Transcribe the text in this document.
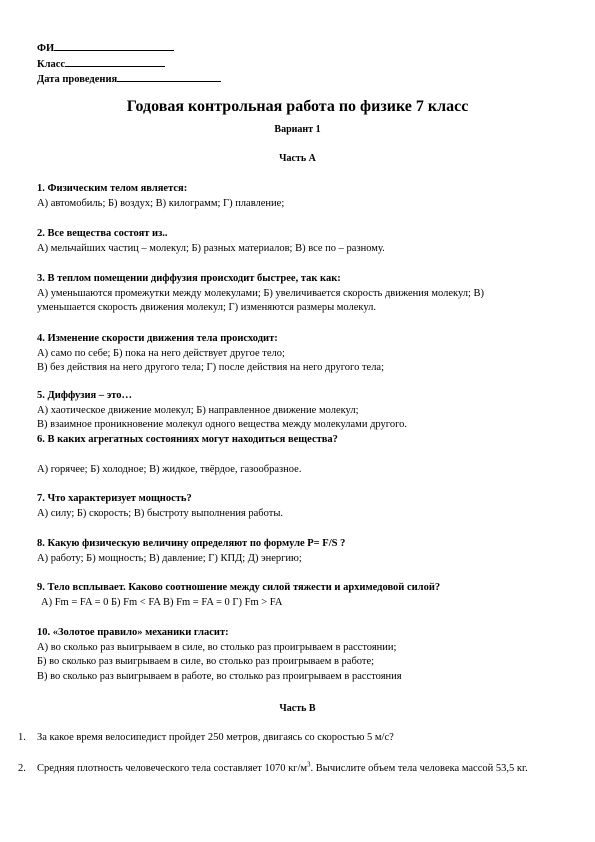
ФИ
Класс
Дата проведения
Годовая контрольная работа по физике 7 класс
Вариант 1
Часть А
1. Физическим телом является:
А) автомобиль; Б) воздух; В) килограмм; Г) плавление;
2. Все вещества состоят из..
А) мельчайших частиц – молекул; Б) разных материалов; В) все по – разному.
3. В теплом помещении диффузия происходит быстрее, так как:
А) уменьшаются промежутки между молекулами; Б) увеличивается скорость движения молекул; В)
уменьшается скорость движения молекул; Г) изменяются размеры молекул.
4. Изменение скорости движения тела происходит:
А) само по себе; Б) пока на него действует другое тело;
В) без действия на него другого тела; Г) после действия на него другого тела;
5. Диффузия – это…
А) хаотическое движение молекул; Б) направленное движение молекул;
В) взаимное проникновение молекул одного вещества между молекулами другого.
6. В каких агрегатных состояниях могут находиться вещества?
А) горячее; Б) холодное; В) жидкое, твёрдое, газообразное.
7. Что характеризует мощность?
А) силу; Б) скорость; В) быстроту выполнения работы.
8. Какую физическую величину определяют по формуле P= F/S ?
А) работу; Б) мощность; В) давление; Г) КПД; Д) энергию;
9. Тело всплывает. Каково соотношение между силой тяжести и архимедовой силой?
А) Fm = FA = 0 Б) Fm < FA В) Fm = FA = 0 Г) Fm > FA
10. «Золотое правило» механики гласит:
А) во сколько раз выигрываем в силе, во столько раз проигрываем в расстоянии;
Б) во сколько раз выигрываем в силе, во столько раз проигрываем в работе;
В) во сколько раз выигрываем в работе, во столько раз проигрываем в расстояния
Часть В
1. За какое время велосипедист пройдет 250 метров, двигаясь со скоростью 5 м/с?
2. Средняя плотность человеческого тела составляет 1070 $кг/м^3$. Вычислите объем тела человека массой 53,5 кг.
